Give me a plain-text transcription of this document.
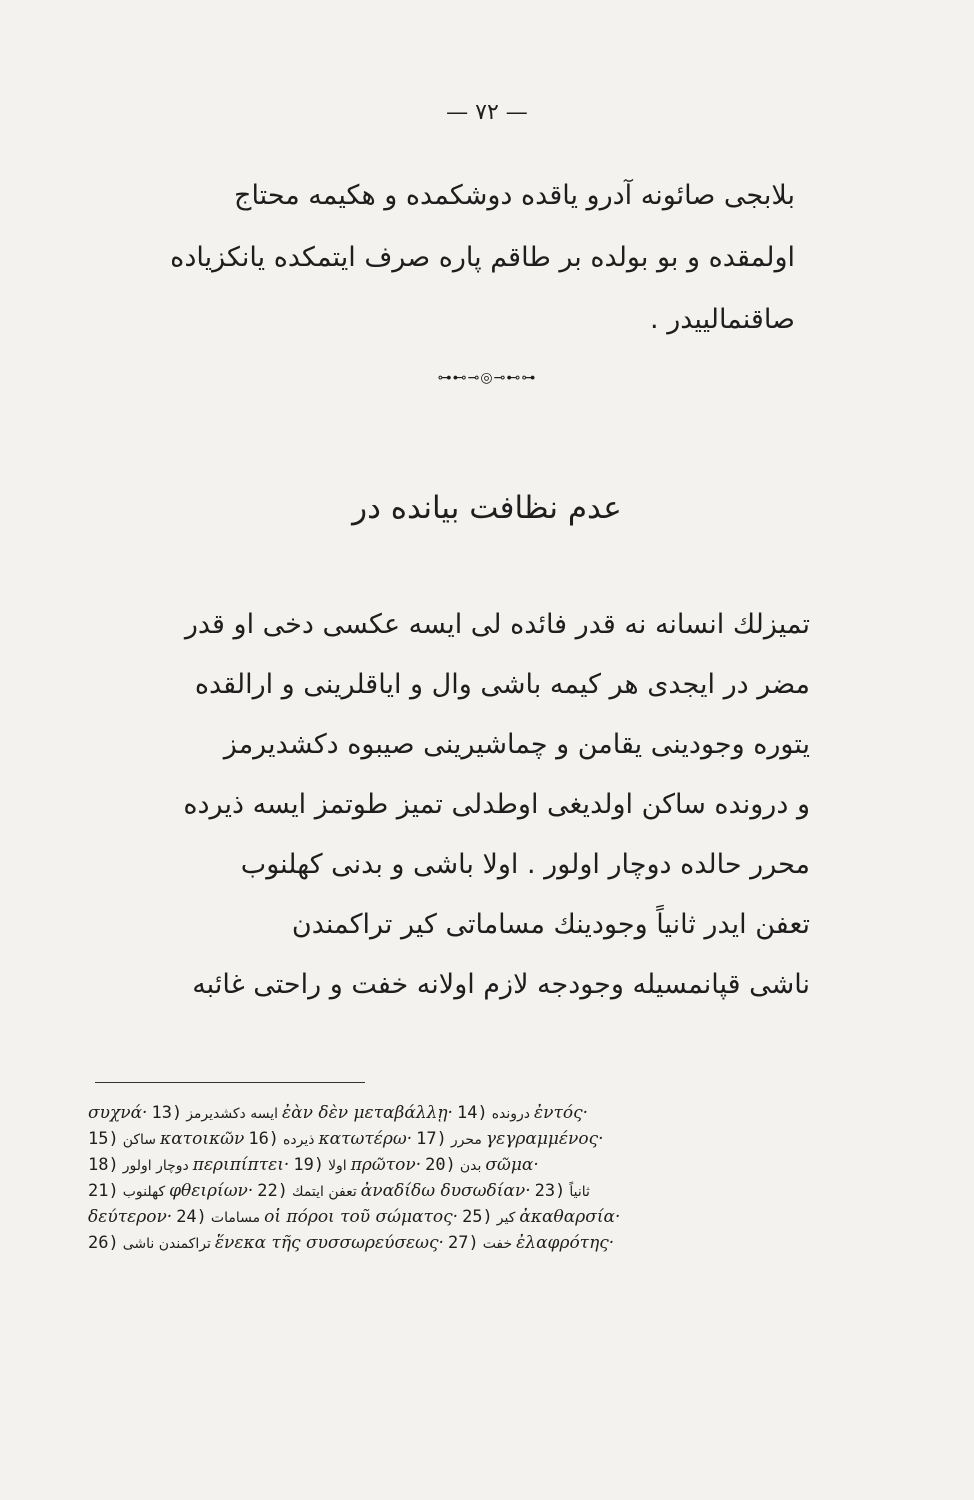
— ٧٢ —
بلابجى صائونه آدرو ياقده دوشكمده و هكيمه محتاج
اولمقده و بو بولده بر طاقم پاره صرف ايتمكده يانكزياده
صاقنمالييدر .
⊶⊷⊸◎⊸⊷⊶
عدم نظافت بيانده در
تميزلك انسانه نه قدر فائده لى ايسه عكسى دخى او قدر
مضر در ايجدى هر كيمه باشى وال و اياقلرينى و ارالقده
يتوره وجودينى يقامن و چماشيرينى صيبوه دكشديرمز
و درونده ساكن اولديغى اوطدلى تميز طوتمز ايسه ذيرده
محرر حالده دوچار اولور . اولا باشى و بدنى كهلنوب
تعفن ايدر ثانياً وجودينك مساماتى كير تراكمندن
ناشى قپانمسيله وجودجه لازم اولانه خفت و راحتى غائبه
συχνά· 13) ايسه دكشديرمز ἐὰν δὲν μεταβάλλῃ· 14) درونده ἐντός·
15) ساكن κατοικῶν 16) ذيرده κατωτέρω· 17) محرر γεγραμμένος·
18) دوچار اولور περιπίπτει· 19) اولا πρῶτον· 20) بدن σῶμα·
21) كهلنوب φθειρίων· 22) تعفن ايتمك ἀναδίδω δυσωδίαν· 23) ثانياً
δεύτερον· 24) مسامات οἱ πόροι τοῦ σώματος· 25) كير ἀκαθαρσία·
26) تراكمندن ناشى ἕνεκα τῆς συσσωρεύσεως· 27) خفت ἐλαφρότης·
